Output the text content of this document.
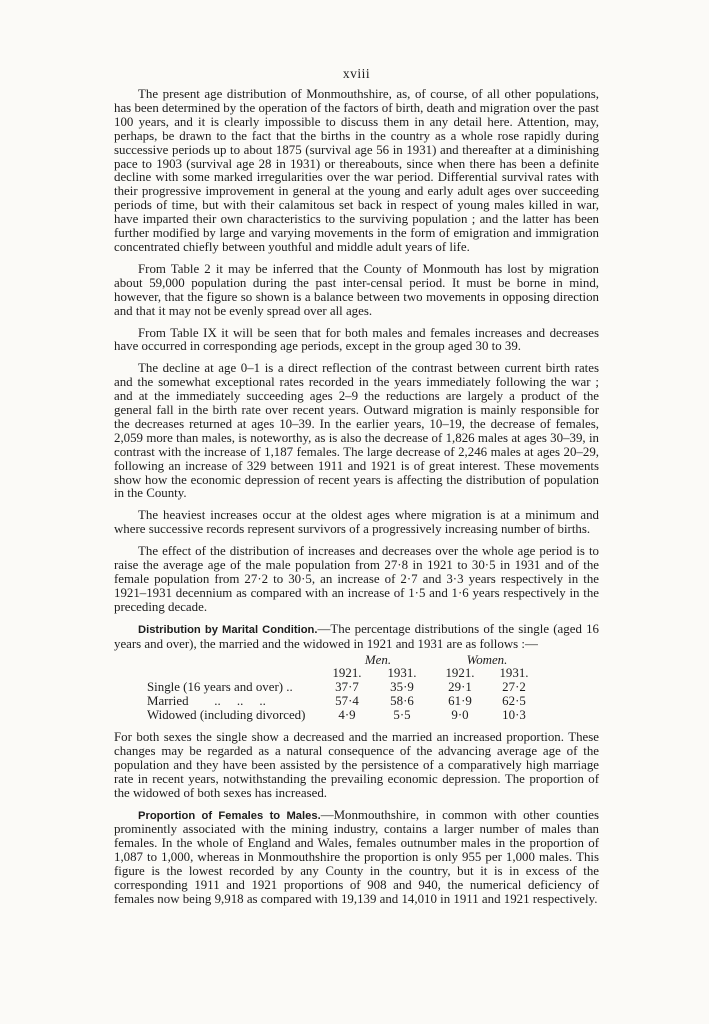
xviii

The present age distribution of Monmouthshire, as, of course, of all other populations, has been determined by the operation of the factors of birth, death and migration over the past 100 years, and it is clearly impossible to discuss them in any detail here. Attention, may, perhaps, be drawn to the fact that the births in the country as a whole rose rapidly during successive periods up to about 1875 (survival age 56 in 1931) and thereafter at a diminishing pace to 1903 (survival age 28 in 1931) or thereabouts, since when there has been a definite decline with some marked irregularities over the war period. Differential survival rates with their progressive improvement in general at the young and early adult ages over succeeding periods of time, but with their calamitous set back in respect of young males killed in war, have imparted their own characteristics to the surviving population ; and the latter has been further modified by large and varying movements in the form of emigration and immigration concentrated chiefly between youthful and middle adult years of life.

From Table 2 it may be inferred that the County of Monmouth has lost by migration about 59,000 population during the past inter-censal period. It must be borne in mind, however, that the figure so shown is a balance between two movements in opposing direction and that it may not be evenly spread over all ages.

From Table IX it will be seen that for both males and females increases and decreases have occurred in corresponding age periods, except in the group aged 30 to 39.

The decline at age 0–1 is a direct reflection of the contrast between current birth rates and the somewhat exceptional rates recorded in the years immediately following the war ; and at the immediately succeeding ages 2–9 the reductions are largely a product of the general fall in the birth rate over recent years. Outward migration is mainly responsible for the decreases returned at ages 10–39. In the earlier years, 10–19, the decrease of females, 2,059 more than males, is noteworthy, as is also the decrease of 1,826 males at ages 30–39, in contrast with the increase of 1,187 females. The large decrease of 2,246 males at ages 20–29, following an increase of 329 between 1911 and 1921 is of great interest. These movements show how the economic depression of recent years is affecting the distribution of population in the County.

The heaviest increases occur at the oldest ages where migration is at a minimum and where successive records represent survivors of a progressively increasing number of births.

The effect of the distribution of increases and decreases over the whole age period is to raise the average age of the male population from 27·8 in 1921 to 30·5 in 1931 and of the female population from 27·2 to 30·5, an increase of 2·7 and 3·3 years respectively in the 1921–1931 decennium as compared with an increase of 1·5 and 1·6 years respectively in the preceding decade.

Distribution by Marital Condition.—The percentage distributions of the single (aged 16 years and over), the married and the widowed in 1921 and 1931 are as follows :—

Men.	Women.
1921.	1931.	1921.	1931.
Single (16 years and over) ..	37·7	35·9	29·1	27·2
Married        ..     ..     ..	57·4	58·6	61·9	62·5
Widowed (including divorced)	4·9	5·5	9·0	10·3

For both sexes the single show a decreased and the married an increased proportion. These changes may be regarded as a natural consequence of the advancing average age of the population and they have been assisted by the persistence of a comparatively high marriage rate in recent years, notwithstanding the prevailing economic depression. The proportion of the widowed of both sexes has increased.

Proportion of Females to Males.—Monmouthshire, in common with other counties prominently associated with the mining industry, contains a larger number of males than females. In the whole of England and Wales, females outnumber males in the proportion of 1,087 to 1,000, whereas in Monmouthshire the proportion is only 955 per 1,000 males. This figure is the lowest recorded by any County in the country, but it is in excess of the corresponding 1911 and 1921 proportions of 908 and 940, the numerical deficiency of females now being 9,918 as compared with 19,139 and 14,010 in 1911 and 1921 respectively.
